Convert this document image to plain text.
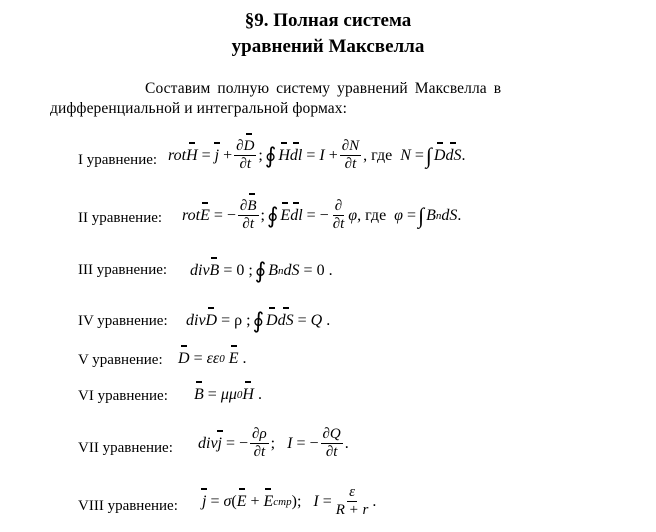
§9. Полная система
уравнений Максвелла
Составим полную систему уравнений Максвелла в
дифференциальной и интегральной формах:
I уравнение: rot H
=
j
+ $\frac{\partial D}{\partial t}$ ; ∮ H dl
= $I + \frac{\partial N}{\partial t}$ , где N = ∫ D dS .
II уравнение: rot E
= − $\frac{\partial B}{\partial t}$ ; ∮ E dl
= − $\frac{\partial}{\partial t}$ φ , где φ = ∫ B n dS .
III уравнение: div B
= 0 ; ∮ B n dS = 0 .
IV уравнение: div D
= ρ ; ∮ D dS
= Q .
V уравнение: D
= εε 0
E .
VI уравнение: B
= μμ 0 H .
VII уравнение: div j
= − $\frac{\partial\rho}{\partial t}$ ; I = − $\frac{\partial Q}{\partial t}$ .
VIII уравнение: j
= σ ( E
+
E стр ); $I = \frac{\varepsilon}{R + r}$ .
